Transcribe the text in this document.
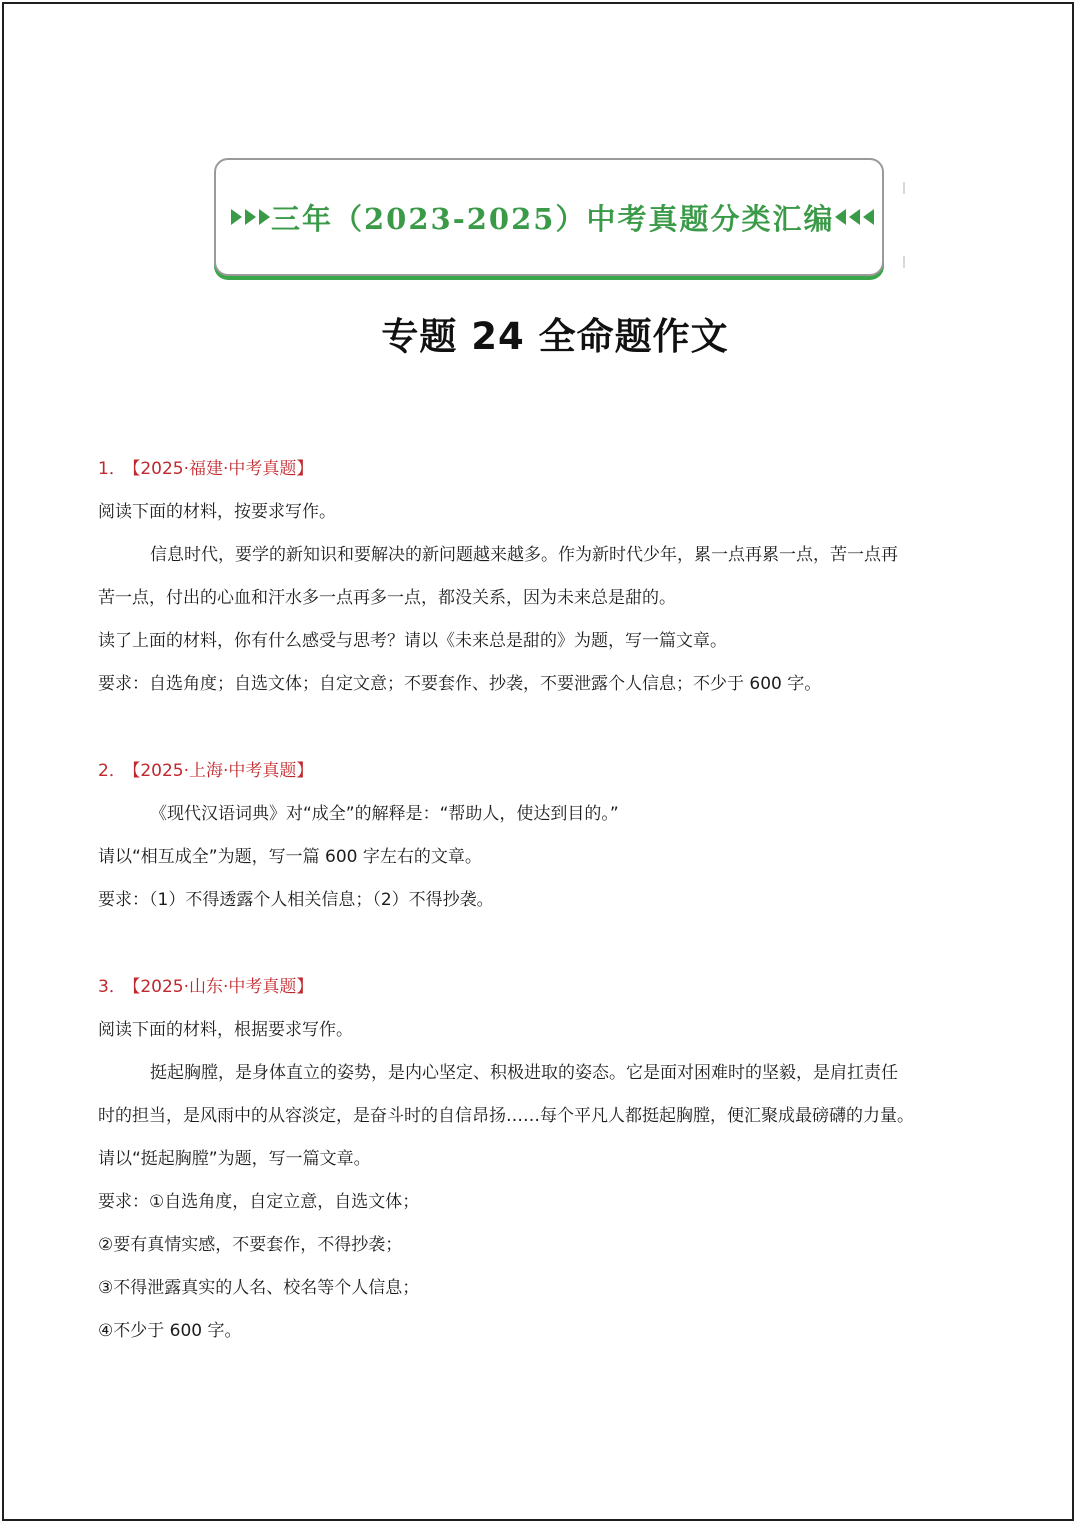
三年（2023-2025）中考真题分类汇编
专题 24 全命题作文
1． 【2025·福建·中考真题】
阅读下面的材料，按要求写作。
信息时代，要学的新知识和要解决的新问题越来越多。作为新时代少年，累一点再累一点，苦一点再
苦一点，付出的心血和汗水多一点再多一点，都没关系，因为未来总是甜的。
读了上面的材料，你有什么感受与思考？请以《未来总是甜的》为题，写一篇文章。
要求：自选角度；自选文体；自定文意；不要套作、抄袭，不要泄露个人信息；不少于 600 字。
2． 【2025·上海·中考真题】
《现代汉语词典》对“成全”的解释是：“帮助人，使达到目的。”
请以“相互成全”为题，写一篇 600 字左右的文章。
要求：（1）不得透露个人相关信息；（2）不得抄袭。
3． 【2025·山东·中考真题】
阅读下面的材料，根据要求写作。
挺起胸膛，是身体直立的姿势，是内心坚定、积极进取的姿态。它是面对困难时的坚毅，是肩扛责任
时的担当，是风雨中的从容淡定，是奋斗时的自信昂扬……每个平凡人都挺起胸膛，便汇聚成最磅礴的力量。
请以“挺起胸膛”为题，写一篇文章。
要求：①自选角度，自定立意，自选文体；
②要有真情实感，不要套作，不得抄袭；
③不得泄露真实的人名、校名等个人信息；
④不少于 600 字。
